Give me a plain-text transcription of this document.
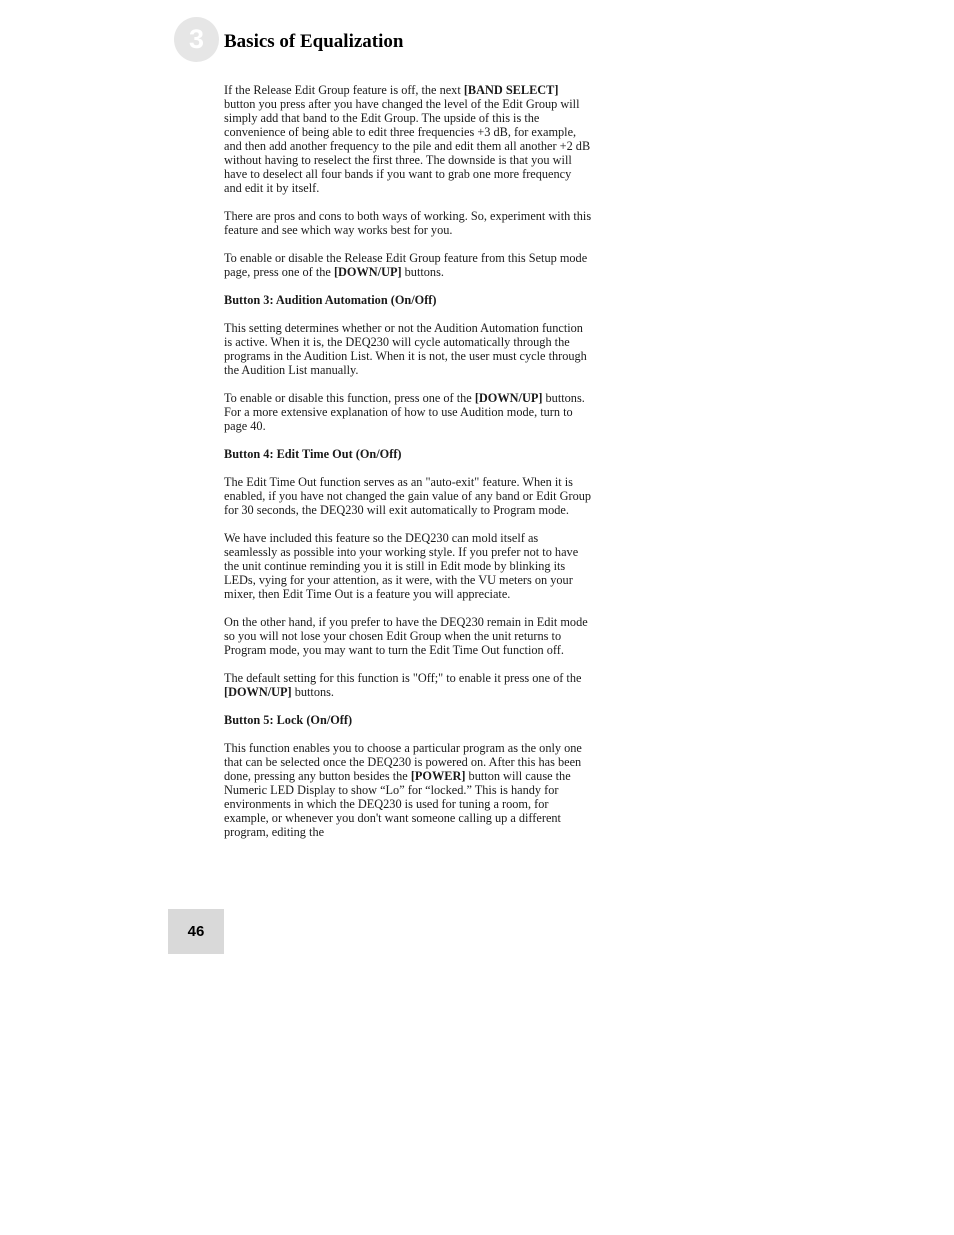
3	Basics of Equalization

If the Release Edit Group feature is off, the next [BAND SELECT] button you press after you have changed the level of the Edit Group will simply add that band to the Edit Group. The upside of this is the convenience of being able to edit three frequencies +3 dB, for example, and then add another frequency to the pile and edit them all another +2 dB without having to reselect the first three. The downside is that you will have to deselect all four bands if you want to grab one more frequency and edit it by itself.

There are pros and cons to both ways of working. So, experiment with this feature and see which way works best for you.

To enable or disable the Release Edit Group feature from this Setup mode page, press one of the [DOWN/UP] buttons.

Button 3: Audition Automation (On/Off)

This setting determines whether or not the Audition Automation function is active. When it is, the DEQ230 will cycle automatically through the programs in the Audition List. When it is not, the user must cycle through the Audition List manually.

To enable or disable this function, press one of the [DOWN/UP] buttons. For a more extensive explanation of how to use Audition mode, turn to page 40.

Button 4: Edit Time Out (On/Off)

The Edit Time Out function serves as an "auto-exit" feature. When it is enabled, if you have not changed the gain value of any band or Edit Group for 30 seconds, the DEQ230 will exit automatically to Program mode.

We have included this feature so the DEQ230 can mold itself as seamlessly as possible into your working style. If you prefer not to have the unit continue reminding you it is still in Edit mode by blinking its LEDs, vying for your attention, as it were, with the VU meters on your mixer, then Edit Time Out is a feature you will appreciate.

On the other hand, if you prefer to have the DEQ230 remain in Edit mode so you will not lose your chosen Edit Group when the unit returns to Program mode, you may want to turn the Edit Time Out function off.

The default setting for this function is "Off;" to enable it press one of the [DOWN/UP] buttons.

Button 5: Lock (On/Off)

This function enables you to choose a particular program as the only one that can be selected once the DEQ230 is powered on. After this has been done, pressing any button besides the [POWER] button will cause the Numeric LED Display to show “Lo” for “locked.” This is handy for environments in which the DEQ230 is used for tuning a room, for example, or whenever you don't want someone calling up a different program, editing the

46
